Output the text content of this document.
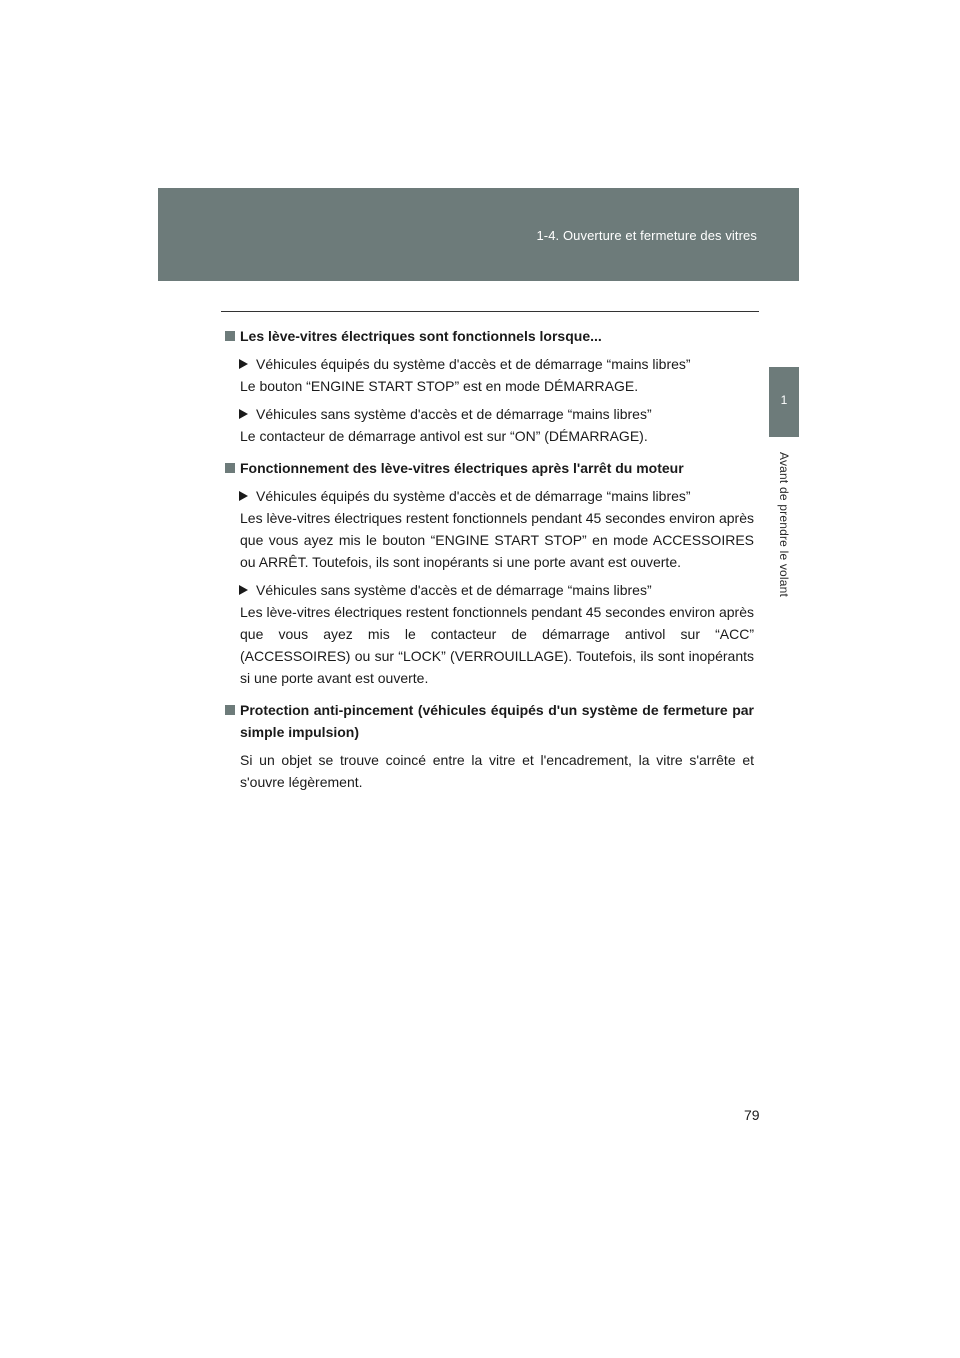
1-4. Ouverture et fermeture des vitres
1
Avant de prendre le volant
Les lève-vitres électriques sont fonctionnels lorsque...
Véhicules équipés du système d'accès et de démarrage “mains libres”
Le bouton “ENGINE START STOP” est en mode DÉMARRAGE.
Véhicules sans système d'accès et de démarrage “mains libres”
Le contacteur de démarrage antivol est sur “ON” (DÉMARRAGE).
Fonctionnement des lève-vitres électriques après l'arrêt du moteur
Véhicules équipés du système d'accès et de démarrage “mains libres”
Les lève-vitres électriques restent fonctionnels pendant 45 secondes environ après que vous ayez mis le bouton “ENGINE START STOP” en mode ACCESSOIRES ou ARRÊT. Toutefois, ils sont inopérants si une porte avant est ouverte.
Véhicules sans système d'accès et de démarrage “mains libres”
Les lève-vitres électriques restent fonctionnels pendant 45 secondes environ après que vous ayez mis le contacteur de démarrage antivol sur “ACC” (ACCESSOIRES) ou sur “LOCK” (VERROUILLAGE). Toutefois, ils sont inopérants si une porte avant est ouverte.
Protection anti-pincement (véhicules équipés d'un système de fermeture par simple impulsion)
Si un objet se trouve coincé entre la vitre et l'encadrement, la vitre s'arrête et s'ouvre légèrement.
79
